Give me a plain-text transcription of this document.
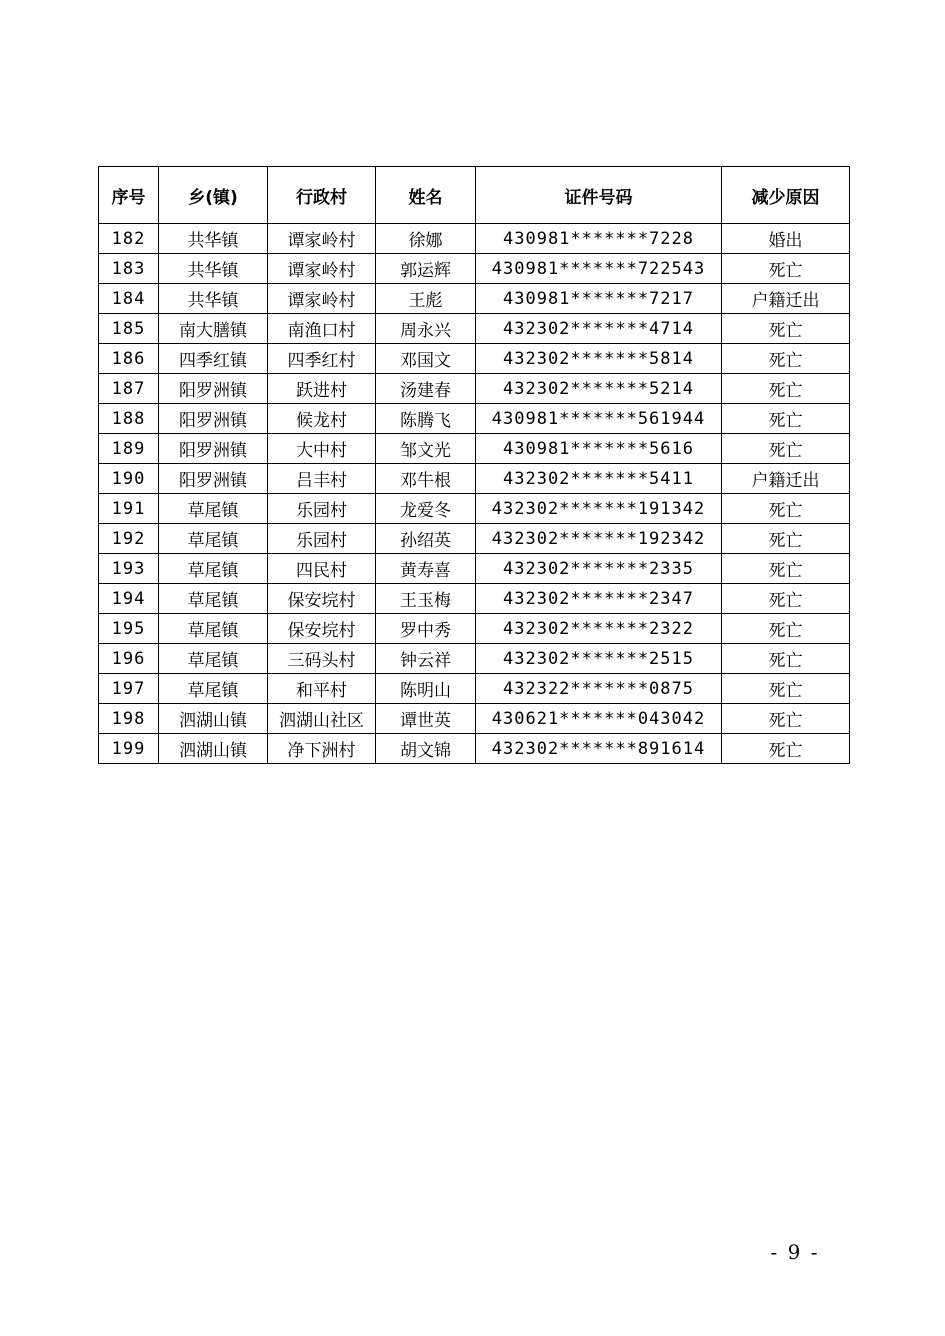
序号	乡(镇)	行政村	姓名	证件号码	减少原因
182	共华镇	谭家岭村	徐娜	430981*******7228	婚出
183	共华镇	谭家岭村	郭运辉	430981*******722543	死亡
184	共华镇	谭家岭村	王彪	430981*******7217	户籍迁出
185	南大膳镇	南渔口村	周永兴	432302*******4714	死亡
186	四季红镇	四季红村	邓国文	432302*******5814	死亡
187	阳罗洲镇	跃进村	汤建春	432302*******5214	死亡
188	阳罗洲镇	候龙村	陈腾飞	430981*******561944	死亡
189	阳罗洲镇	大中村	邹文光	430981*******5616	死亡
190	阳罗洲镇	吕丰村	邓牛根	432302*******5411	户籍迁出
191	草尾镇	乐园村	龙爱冬	432302*******191342	死亡
192	草尾镇	乐园村	孙绍英	432302*******192342	死亡
193	草尾镇	四民村	黄寿喜	432302*******2335	死亡
194	草尾镇	保安垸村	王玉梅	432302*******2347	死亡
195	草尾镇	保安垸村	罗中秀	432302*******2322	死亡
196	草尾镇	三码头村	钟云祥	432302*******2515	死亡
197	草尾镇	和平村	陈明山	432322*******0875	死亡
198	泗湖山镇	泗湖山社区	谭世英	430621*******043042	死亡
199	泗湖山镇	净下洲村	胡文锦	432302*******891614	死亡
- 9 -
